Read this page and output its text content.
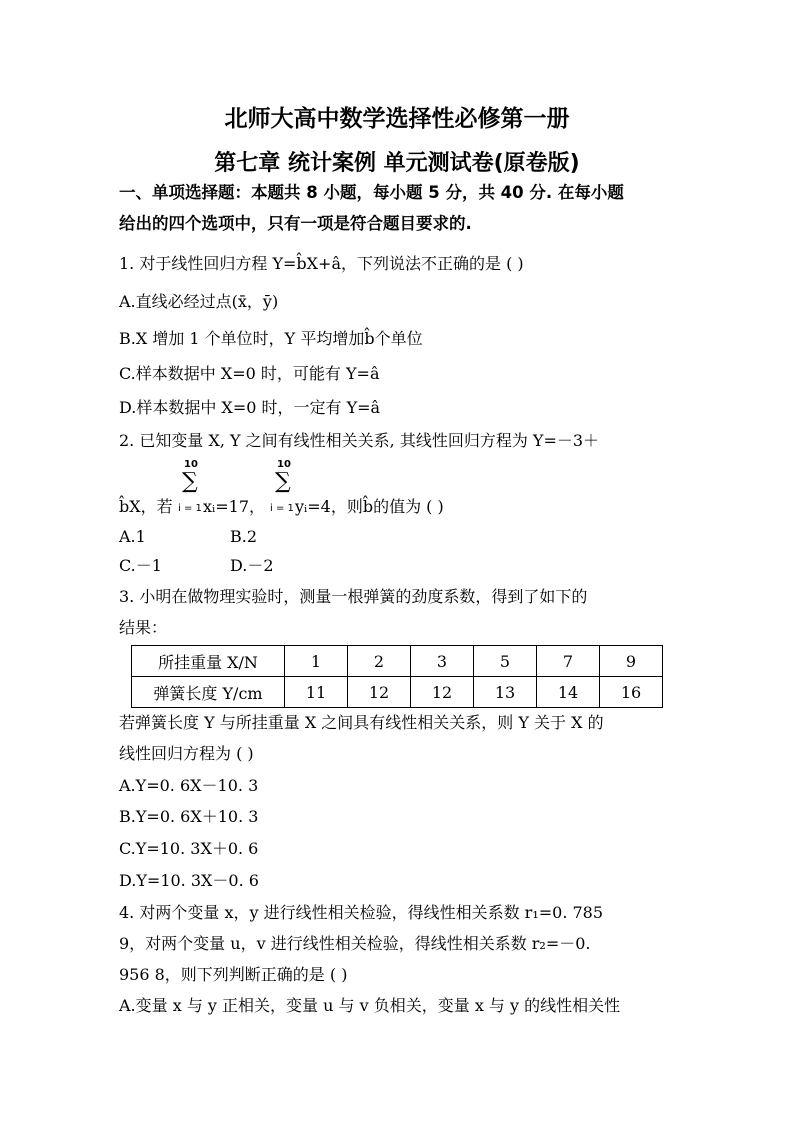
北师大高中数学选择性必修第一册
第七章 统计案例 单元测试卷(原卷版)
一、单项选择题：本题共 8 小题，每小题 5 分，共 40 分. 在每小题
给出的四个选项中，只有一项是符合题目要求的.
1. 对于线性回归方程 Y=b̂X+â，下列说法不正确的是 ( )
A.直线必经过点(x̄，ȳ)
B.X 增加 1 个单位时，Y 平均增加b̂个单位
C.样本数据中 X=0 时，可能有 Y=â
D.样本数据中 X=0 时，一定有 Y=â
2. 已知变量 X, Y 之间有线性相关关系, 其线性回归方程为 Y=－3＋
10
∑
10
∑
b̂X，若 i = 1 xᵢ=17， i = 1 yᵢ=4，则b̂的值为 ( )
A.1	B.2
C.－1	D.－2
3. 小明在做物理实验时，测量一根弹簧的劲度系数，得到了如下的
结果：
所挂重量 X/N	1	2	3	5	7	9
弹簧长度 Y/cm	11	12	12	13	14	16
若弹簧长度 Y 与所挂重量 X 之间具有线性相关关系，则 Y 关于 X 的
线性回归方程为 ( )
A.Y=0. 6X－10. 3
B.Y=0. 6X＋10. 3
C.Y=10. 3X＋0. 6
D.Y=10. 3X－0. 6
4. 对两个变量 x，y 进行线性相关检验，得线性相关系数 r₁=0. 785
9，对两个变量 u，v 进行线性相关检验，得线性相关系数 r₂=－0.
956 8，则下列判断正确的是 ( )
A.变量 x 与 y 正相关，变量 u 与 v 负相关，变量 x 与 y 的线性相关性
